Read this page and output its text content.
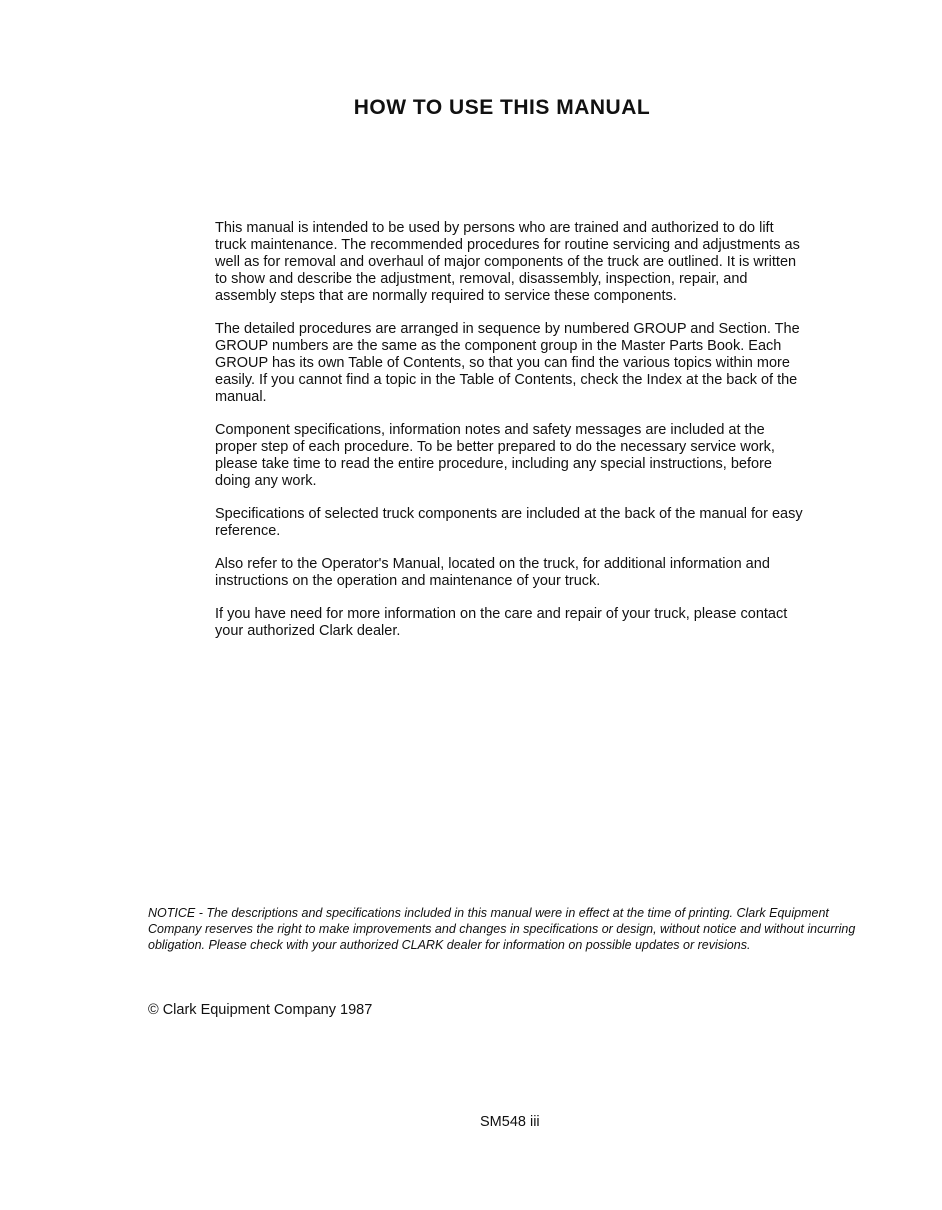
HOW TO USE THIS MANUAL

This manual is intended to be used by persons who are trained and authorized to do lift truck maintenance. The recommended procedures for routine servicing and adjustments as well as for removal and overhaul of major components of the truck are outlined. It is written to show and describe the adjustment, removal, disassembly, inspection, repair, and assembly steps that are normally required to service these components.

The detailed procedures are arranged in sequence by numbered GROUP and Section. The GROUP numbers are the same as the component group in the Master Parts Book. Each GROUP has its own Table of Contents, so that you can find the various topics within more easily. If you cannot find a topic in the Table of Contents, check the Index at the back of the manual.

Component specifications, information notes and safety messages are included at the proper step of each procedure. To be better prepared to do the necessary service work, please take time to read the entire procedure, including any special instructions, before doing any work.

Specifications of selected truck components are included at the back of the manual for easy reference.

Also refer to the Operator's Manual, located on the truck, for additional information and instructions on the operation and maintenance of your truck.

If you have need for more information on the care and repair of your truck, please contact your authorized Clark dealer.

NOTICE - The descriptions and specifications included in this manual were in effect at the time of printing. Clark Equipment Company reserves the right to make improvements and changes in specifications or design, without notice and without incurring obligation. Please check with your authorized CLARK dealer for information on possible updates or revisions.

© Clark Equipment Company 1987

SM548 iii
